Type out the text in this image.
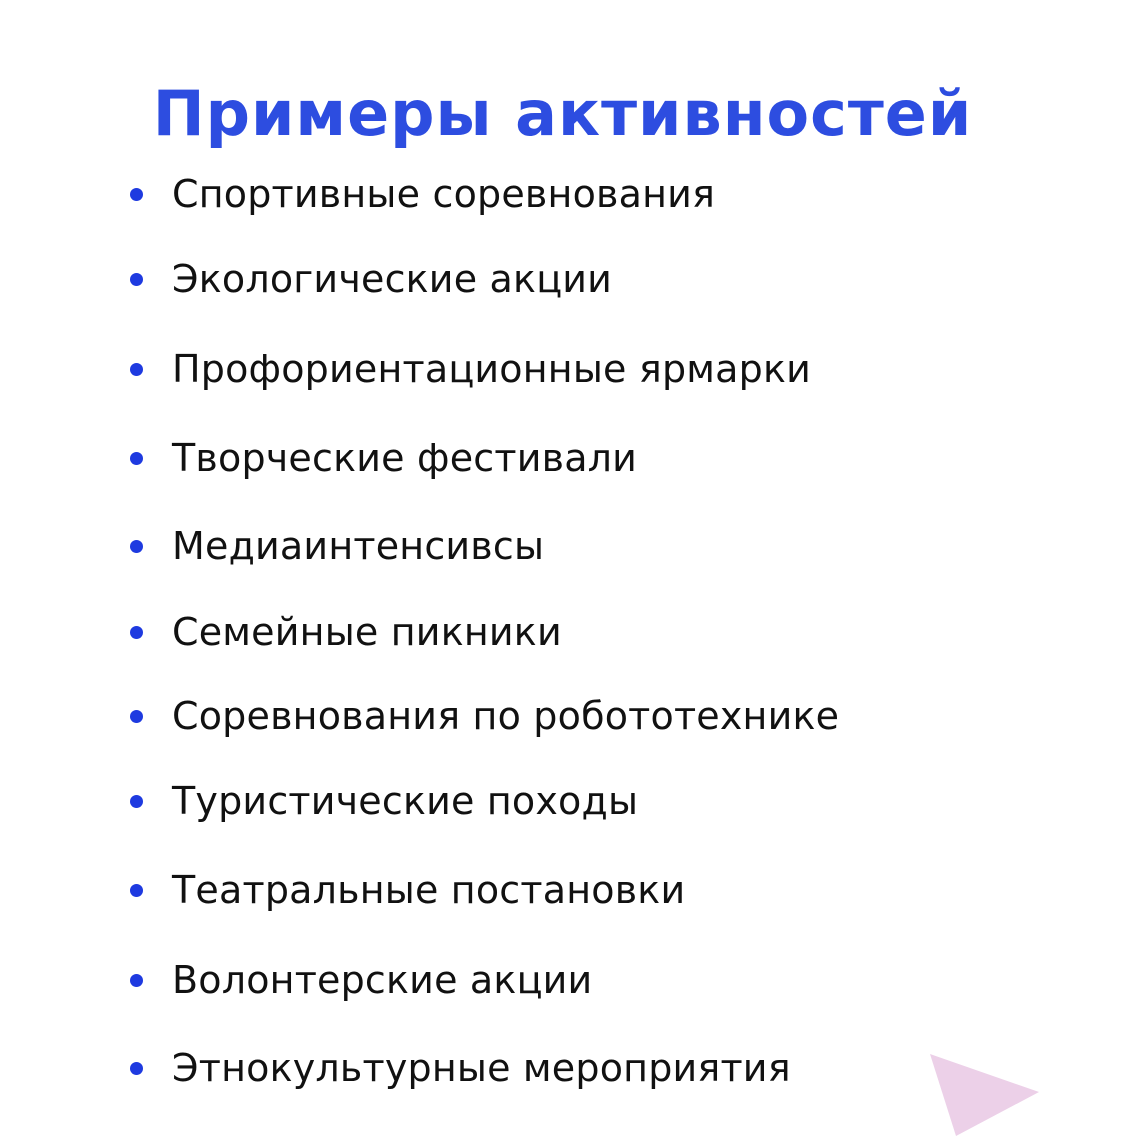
Примеры активностей
Спортивные соревнования
Экологические акции
Профориентационные ярмарки
Творческие фестивали
Медиаинтенсивсы
Семейные пикники
Соревнования по робототехнике
Туристические походы
Театральные постановки
Волонтерские акции
Этнокультурные мероприятия
